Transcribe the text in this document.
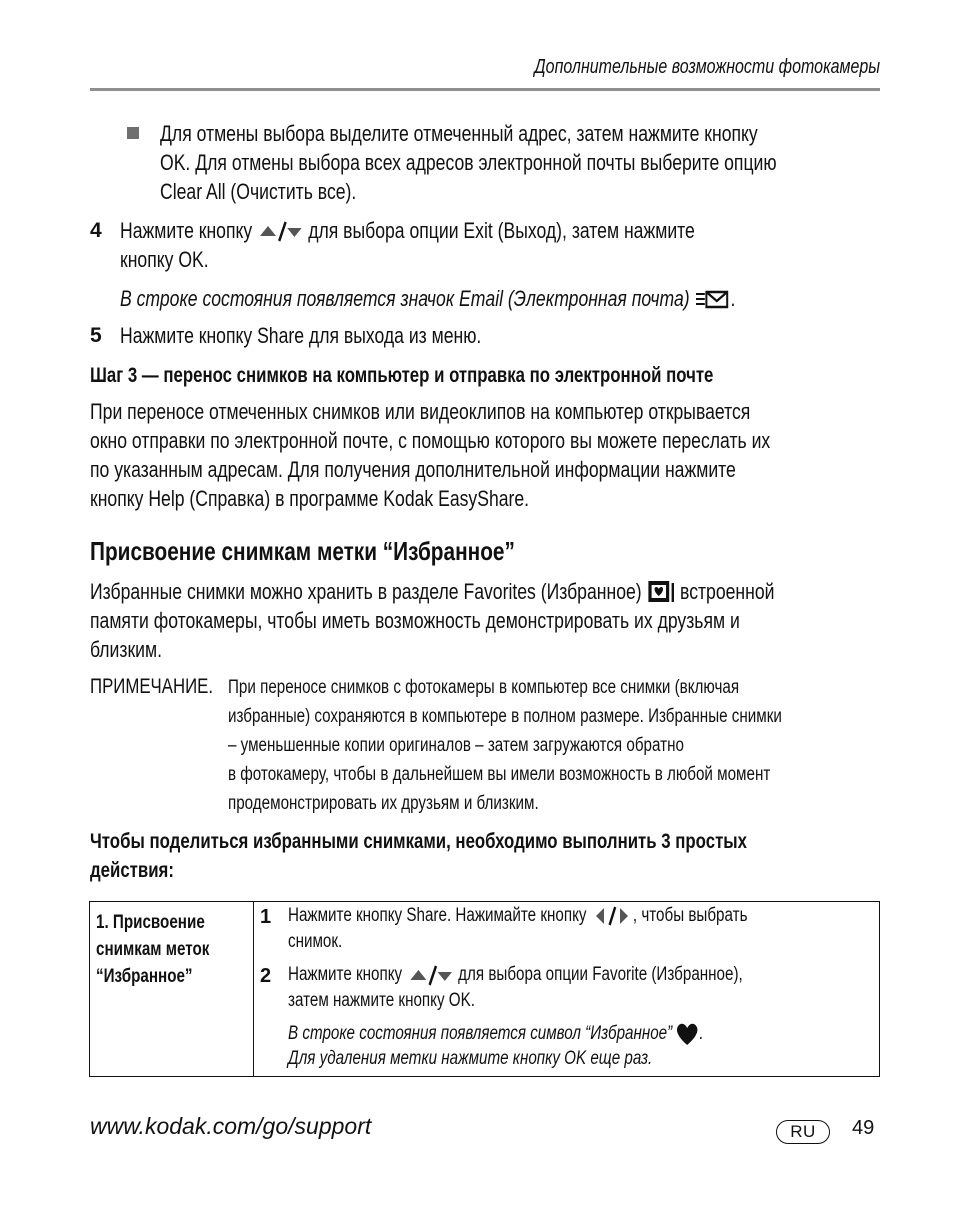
Дополнительные возможности фотокамеры
Для отмены выбора выделите отмеченный адрес, затем нажмите кнопку
OK. Для отмены выбора всех адресов электронной почты выберите опцию
Clear All (Очистить все).
4 Нажмите кнопку	для выбора опции Exit (Выход), затем нажмите
кнопку OK.
В строке состояния появляется значок Email (Электронная почта) .
5 Нажмите кнопку Share для выхода из меню.
Шаг 3 — перенос снимков на компьютер и отправка по электронной почте
При переносе отмеченных снимков или видеоклипов на компьютер открывается
окно отправки по электронной почте, с помощью которого вы можете переслать их
по указанным адресам. Для получения дополнительной информации нажмите
кнопку Help (Справка) в программе Kodak EasyShare.
Присвоение снимкам метки “Избранное”
Избранные снимки можно хранить в разделе Favorites (Избранное) встроенной
памяти фотокамеры, чтобы иметь возможность демонстрировать их друзьям и
близким.
ПРИМЕЧАНИЕ. При переносе снимков с фотокамеры в компьютер все снимки (включая
избранные) сохраняются в компьютере в полном размере. Избранные снимки
– уменьшенные копии оригиналов – затем загружаются обратно
в фотокамеру, чтобы в дальнейшем вы имели возможность в любой момент
продемонстрировать их друзьям и близким.
Чтобы поделиться избранными снимками, необходимо выполнить 3 простых
действия:
1. Присвоение
снимкам меток
“Избранное”

1 Нажмите кнопку Share. Нажимайте кнопку , чтобы выбрать
снимок.
2 Нажмите кнопку	для выбора опции Favorite (Избранное),
затем нажмите кнопку OK.
В строке состояния появляется символ “Избранное” .
Для удаления метки нажмите кнопку OK еще раз.
www.kodak.com/go/support	RU	49
